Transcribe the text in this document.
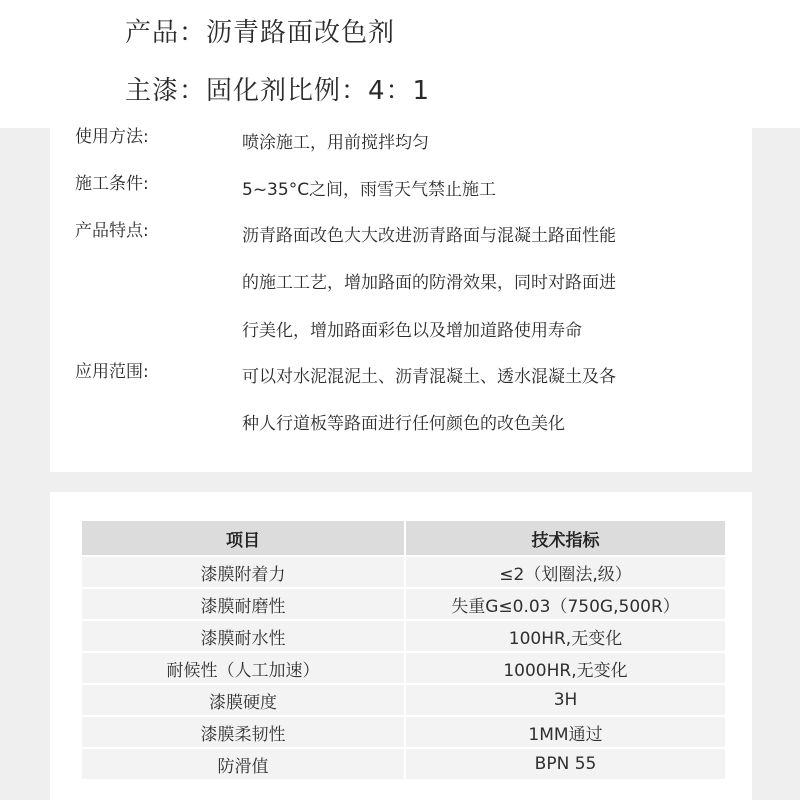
产品：沥青路面改色剂
主漆：固化剂比例：4：1
使用方法:	喷涂施工，用前搅拌均匀
施工条件:	5~35°C之间，雨雪天气禁止施工
产品特点:	沥青路面改色大大改进沥青路面与混凝土路面性能
的施工工艺，增加路面的防滑效果，同时对路面进
行美化，增加路面彩色以及增加道路使用寿命
应用范围:	可以对水泥混泥土、沥青混凝土、透水混凝土及各
种人行道板等路面进行任何颜色的改色美化
项目	技术指标
漆膜附着力	≤2（划圈法,级）
漆膜耐磨性	失重G≤0.03（750G,500R）
漆膜耐水性	100HR,无变化
耐候性（人工加速）	1000HR,无变化
漆膜硬度	3H
漆膜柔韧性	1MM通过
防滑值	BPN 55
